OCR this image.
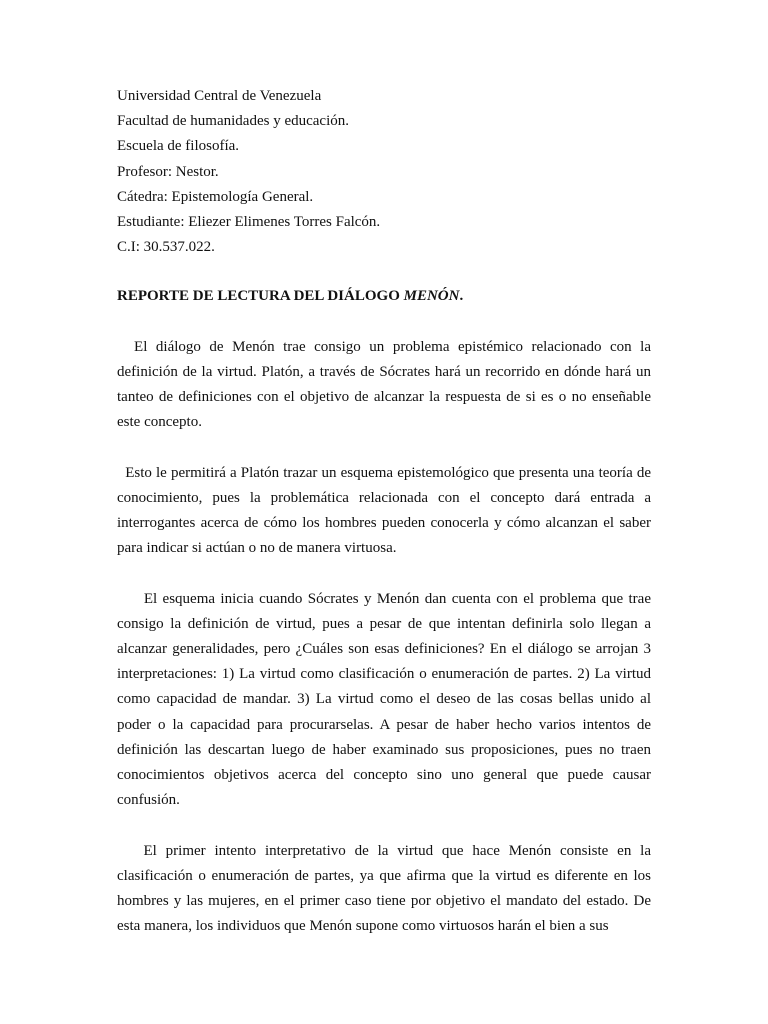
Universidad Central de Venezuela

Facultad de humanidades y educación.

Escuela de filosofía.

Profesor: Nestor.

Cátedra: Epistemología General.

Estudiante: Eliezer Elimenes Torres Falcón.

C.I: 30.537.022.

REPORTE DE LECTURA DEL DIÁLOGO MENÓN.

El diálogo de Menón trae consigo un problema epistémico relacionado con la definición de la virtud. Platón, a través de Sócrates hará un recorrido en dónde hará un tanteo de definiciones con el objetivo de alcanzar la respuesta de si es o no enseñable este concepto.

Esto le permitirá a Platón trazar un esquema epistemológico que presenta una teoría de conocimiento, pues la problemática relacionada con el concepto dará entrada a interrogantes acerca de cómo los hombres pueden conocerla y cómo alcanzan el saber para indicar si actúan o no de manera virtuosa.

El esquema inicia cuando Sócrates y Menón dan cuenta con el problema que trae consigo la definición de virtud, pues a pesar de que intentan definirla solo llegan a alcanzar generalidades, pero ¿Cuáles son esas definiciones? En el diálogo se arrojan 3 interpretaciones: 1) La virtud como clasificación o enumeración de partes. 2) La virtud como capacidad de mandar. 3) La virtud como el deseo de las cosas bellas unido al poder o la capacidad para procurarselas. A pesar de haber hecho varios intentos de definición las descartan luego de haber examinado sus proposiciones, pues no traen conocimientos objetivos acerca del concepto sino uno general que puede causar confusión.

El primer intento interpretativo de la virtud que hace Menón consiste en la clasificación o enumeración de partes, ya que afirma que la virtud es diferente en los hombres y las mujeres, en el primer caso tiene por objetivo el mandato del estado. De esta manera, los individuos que Menón supone como virtuosos harán el bien a sus
